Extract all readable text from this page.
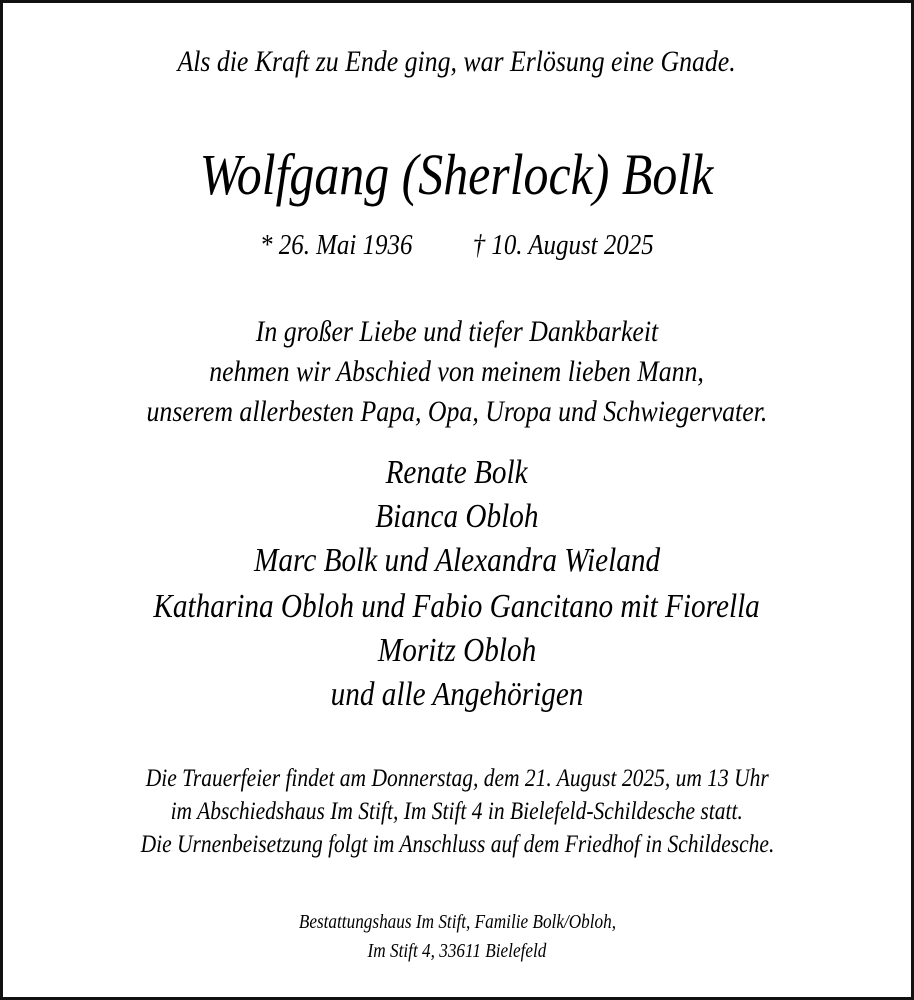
Als die Kraft zu Ende ging, war Erlösung eine Gnade.
Wolfgang (Sherlock) Bolk
* 26. Mai 1936 † 10. August 2025
In großer Liebe und tiefer Dankbarkeit
nehmen wir Abschied von meinem lieben Mann,
unserem allerbesten Papa, Opa, Uropa und Schwiegervater.
Renate Bolk
Bianca Obloh
Marc Bolk und Alexandra Wieland
Katharina Obloh und Fabio Gancitano mit Fiorella
Moritz Obloh
und alle Angehörigen
Die Trauerfeier findet am Donnerstag, dem 21. August 2025, um 13 Uhr
im Abschiedshaus Im Stift, Im Stift 4 in Bielefeld-Schildesche statt.
Die Urnenbeisetzung folgt im Anschluss auf dem Friedhof in Schildesche.
Bestattungshaus Im Stift, Familie Bolk/Obloh,
Im Stift 4, 33611 Bielefeld
